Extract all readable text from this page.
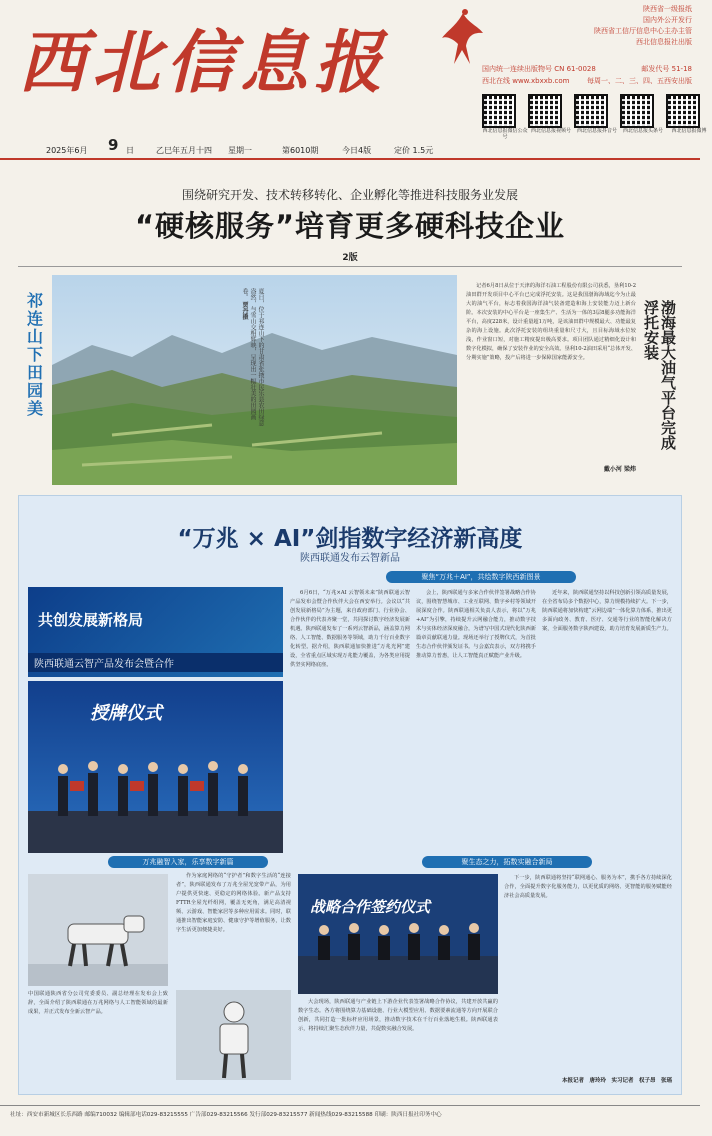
西北信息报
陕西省一级报纸
国内外公开发行
陕西省工信厅信息中心主办主管
西北信息报社出版
国内统一连续出版物号 CN 61-0028	邮发代号 51-18
西北在线 www.xbxxb.com	每周一、二、三、四、五西安出版
西北信息报微信公众号
西北信息报视频号	西北信息报抖音号	西北信息报头条号	西北信息报微博
2025年6月 9 日	乙巳年五月十四 星期一	第6010期	今日4版	定价 1.5元
围绕研究开发、技术转移转化、企业孵化等推进科技服务业发展
“硬核服务”培育更多硬科技企业
2版
祁连山下田园美	夏日，位于祁连山下的甘肃省张掖市民乐县农田绿意盎然，与雪山交相辉映，呈现出一幅壮美的田园画卷。 贾丹摄
记者6月8日从位于天津的海洋石油工程股份有限公司获悉，垦利10-2油田群开发项目中心平台已完成浮托安装。这是我国渤海海域迄今为止最大的油气平台，标志着我国海洋油气装备建造和海上安装能力迈上新台阶。本次安装的中心平台是一座集生产、生活为一体的3层8腿多功能海洋平台，高度228米，设计重量超1万吨，是该油田群中规模最大、功能最复杂的海上设施。此次浮托安装的组块重量和尺寸大，且目标海域水位较浅，作业窗口短，对施工精度提出极高要求。项目团队通过精细化设计和数字化模拟，确保了安装作业的安全高效。垦利10-2油田采用“总体开发、分期实施”策略，投产后将进一步保障国家能源安全。
戴小河 梁炜
渤海最大油气平台完成浮托安装
“万兆 × AI”剑指数字经济新高度
陕西联通发布云智新品
聚焦“万兆＋AI”，共绘数字陕西新图景
共创发展新格局
陕西联通云智产品发布会暨合作
授牌仪式
6月6日，“万兆×AI 云智领未来”陕西联通云智产品发布会暨合作伙伴大会在西安举行。会议以“共创发展新格局”为主题，来自政府部门、行业协会、合作伙伴的代表齐聚一堂，共同探讨数字经济发展新机遇。陕西联通发布了一系列云智新品，涵盖算力网络、人工智能、数据服务等领域，助力千行百业数字化转型。据介绍，陕西联通加快推进“万兆光网”建设，全省重点区域实现万兆能力覆盖，为各类应用提供坚实网络底座。
会上，陕西联通与多家合作伙伴签署战略合作协议，围绕智慧城市、工业互联网、数字乡村等领域开展深度合作。陕西联通相关负责人表示，将以“万兆+AI”为引擎，持续提升云网融合能力，推动数字技术与实体经济深度融合，为谱写中国式现代化陕西新篇章贡献联通力量。现场还举行了授牌仪式，为首批生态合作伙伴颁发证书。与会嘉宾表示，双方将携手推动算力普惠，让人工智能真正赋能产业升级。
近年来，陕西联通坚持以科技创新引领高质量发展，在全省布局多个数据中心，算力规模持续扩大。下一步，陕西联通将加快构建“云网边端”一体化算力体系，推出更多面向政务、教育、医疗、交通等行业的智能化解决方案，全面服务数字陕西建设，助力培育发展新质生产力。
万兆融智入家，乐享数字新篇	聚生态之力，拓数实融合新局
作为家庭网络的“守护者”和数字生活的“连接者”，陕西联通发布了万兆全屋光宽带产品，为用户提供更快速、更稳定的网络体验。新产品支持FTTR全屋光纤组网，覆盖无死角，满足高清视频、云游戏、智能家居等多种应用需求。同时，联通推出智能家庭安防、健康守护等增值服务，让数字生活更加便捷美好。
中国联通陕西省分公司党委委员、副总经理在发布会上致辞，全面介绍了陕西联通在万兆网络与人工智能领域的最新成果，并正式发布全新云智产品。
战略合作签约仪式
大会现场，陕西联通与产业链上下游企业代表签署战略合作协议，共建开放共赢的数字生态。各方将围绕算力基础设施、行业大模型应用、数据要素流通等方向开展联合创新，共同打造一批标杆应用场景，推动数字技术在千行百业落地生根。陕西联通表示，将持续汇聚生态伙伴力量，共促数实融合发展。
下一步，陕西联通将坚持“联网通心、服务为本”，携手各方持续深化合作，全面提升数字化服务能力，以更优质的网络、更智能的服务赋能经济社会高质量发展。
本报记者　唐玲玲　实习记者　权子昂　张瑶
社址：西安市新城区长乐西路 邮编710032 编辑部电话029-83215555 广告部029-83215566 发行部029-83215577 新闻热线029-83215588 印刷：陕西日报社印务中心
